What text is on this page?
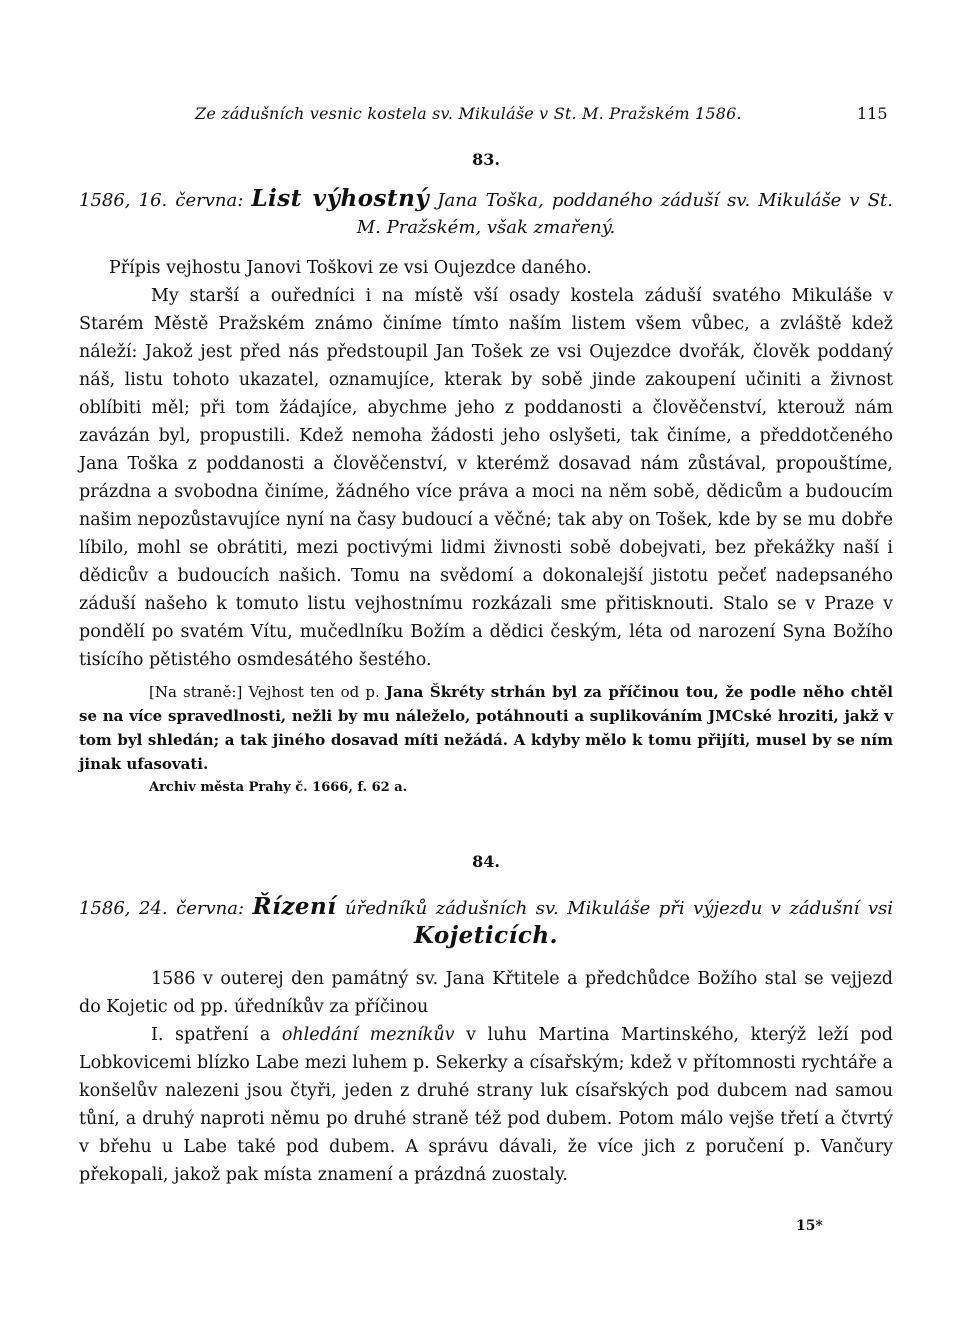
Ze zádušních vesnic kostela sv. Mikuláše v St. M. Pražském 1586.	115
83.
1586, 16. června: List výhostný Jana Toška, poddaného záduší sv. Mikuláše v St. M. Pražském, však zmařený.

Přípis vejhostu Janovi Toškovi ze vsi Oujezdce daného.

My starší a ouředníci i na místě vší osady kostela záduší svatého Mikuláše v Starém Městě Pražském známo činíme tímto naším listem všem vůbec, a zvláště kdež náleží: Jakož jest před nás předstoupil Jan Tošek ze vsi Oujezdce dvořák, člověk poddaný náš, listu tohoto ukazatel, oznamujíce, kterak by sobě jinde zakoupení učiniti a živnost oblíbiti měl; při tom žádajíce, abychme jeho z poddanosti a člověčenství, kterouž nám zavázán byl, propustili. Kdež nemoha žádosti jeho oslyšeti, tak činíme, a předdotčeného Jana Toška z poddanosti a člověčenství, v kterémž dosavad nám zůstával, propouštíme, prázdna a svobodna činíme, žádného více práva a moci na něm sobě, dědicům a budoucím našim nepozůstavujíce nyní na časy budoucí a věčné; tak aby on Tošek, kde by se mu dobře líbilo, mohl se obrátiti, mezi poctivými lidmi živnosti sobě dobejvati, bez překážky naší i dědicův a budoucích našich. Tomu na svědomí a dokonalejší jistotu pečeť nadepsaného záduší našeho k tomuto listu vejhostnímu rozkázali sme přitisknouti. Stalo se v Praze v pondělí po svatém Vítu, mučedlníku Božím a dědici českým, léta od narození Syna Božího tisícího pětistého osmdesátého šestého.

[Na straně:] Vejhost ten od p. Jana Škréty strhán byl za příčinou tou, že podle něho chtěl se na více spravedlnosti, nežli by mu náleželo, potáhnouti a suplikováním JMCské hroziti, jakž v tom byl shledán; a tak jiného dosavad míti nežádá. A kdyby mělo k tomu přijíti, musel by se ním jinak ufasovati.

Archiv města Prahy č. 1666, f. 62 a.
84.
1586, 24. června: Řízení úředníků zádušních sv. Mikuláše při výjezdu v zádušní vsi Kojeticích.

1586 v outerej den památný sv. Jana Křtitele a předchůdce Božího stal se vejjezd do Kojetic od pp. úředníkův za příčinou

I. spatření a ohledání mezníkův v luhu Martina Martinského, kterýž leží pod Lobkovicemi blízko Labe mezi luhem p. Sekerky a císařským; kdež v přítomnosti rychtáře a konšelův nalezeni jsou čtyři, jeden z druhé strany luk císařských pod dubcem nad samou tůní, a druhý naproti němu po druhé straně též pod dubem. Potom málo vejše třetí a čtvrtý v břehu u Labe také pod dubem. A správu dávali, že více jich z poručení p. Vančury překopali, jakož pak místa znamení a prázdná zuostaly.

15*
